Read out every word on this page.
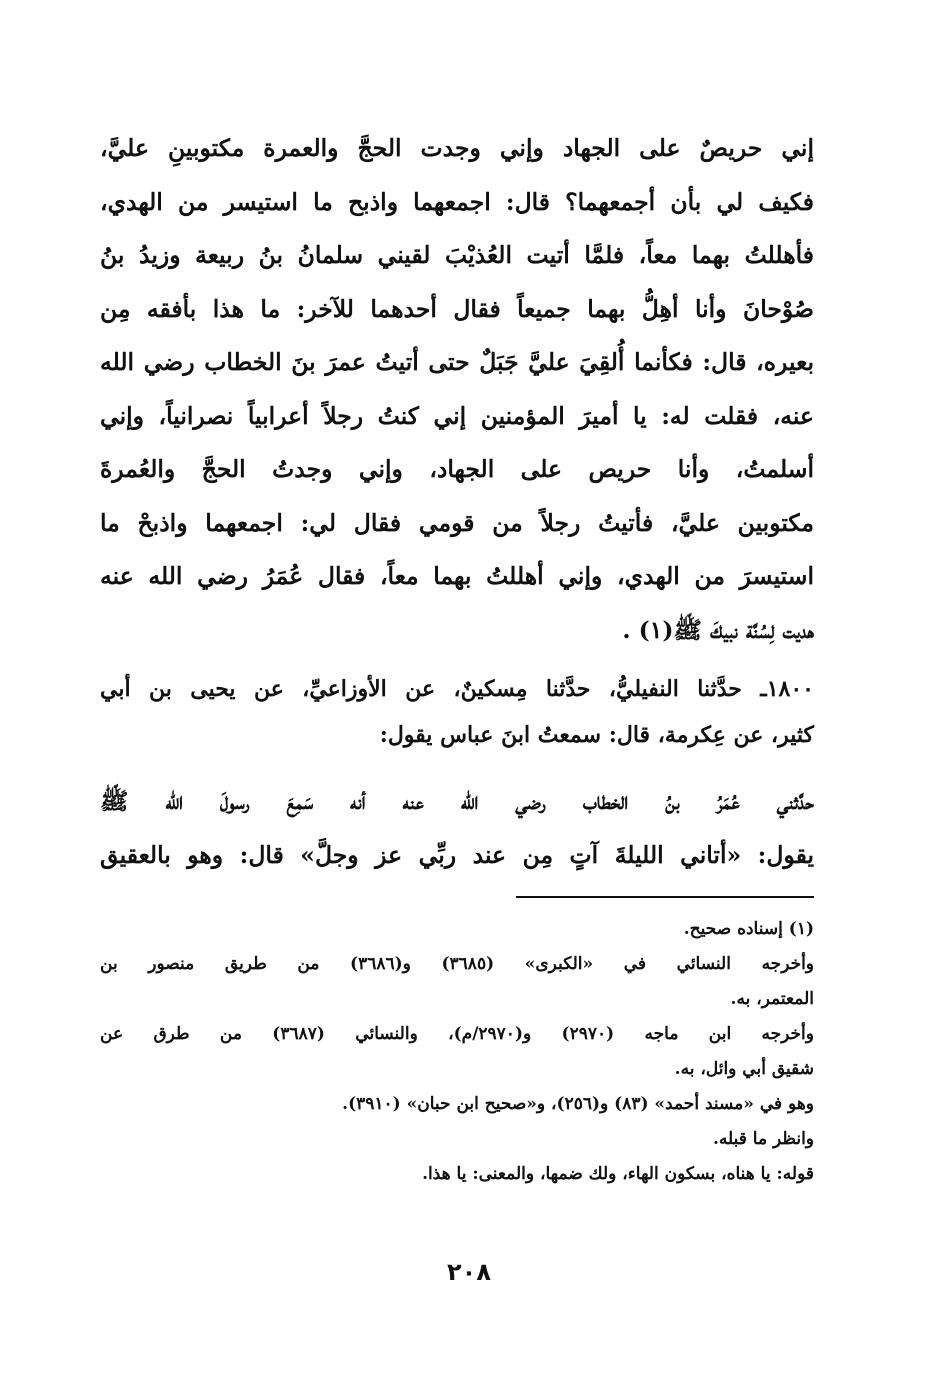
إني حريصٌ على الجهاد وإني وجدت الحجَّ والعمرة مكتوبينِ عليَّ،
فكيف لي بأن أجمعهما؟ قال: اجمعهما واذبح ما استيسر من الهدي،
فأهللتُ بهما معاً، فلمَّا أتيت العُذيْبَ لقيني سلمانُ بنُ ربيعة وزيدُ بنُ
صُوْحانَ وأنا أهِلُّ بهما جميعاً فقال أحدهما للآخر: ما هذا بأفقه مِن
بعيره، قال: فكأنما أُلقِيَ عليَّ جَبَلٌ حتى أتيتُ عمرَ بنَ الخطاب رضي الله
عنه، فقلت له: يا أميرَ المؤمنين إني كنتُ رجلاً أعرابياً نصرانياً، وإني
أسلمتُ، وأنا حريص على الجهاد، وإني وجدتُ الحجَّ والعُمرةَ
مكتوبين عليَّ، فأتيتُ رجلاً من قومي فقال لي: اجمعهما واذبحْ ما
استيسرَ من الهدي، وإني أهللتُ بهما معاً، فقال عُمَرُ رضي الله عنه
هديت لِسُنَّة نبيكَ ﷺ(١) .
١٨٠٠ـ حدَّثنا النفيليُّ، حدَّثنا مِسكينٌ، عن الأوزاعيِّ، عن يحيى بن أبي
كثير، عن عِكرمة، قال: سمعتُ ابنَ عباس يقول:
حدَّثني عُمَرُ بنُ الخطاب رضي الله عنه أنه سَمِعَ رسولَ الله ﷺ
يقول: «أتاني الليلةَ آتٍ مِن عند ربِّي عز وجلَّ» قال: وهو بالعقيق
(١) إسناده صحيح.
وأخرجه النسائي في «الكبرى» (٣٦٨٥) و(٣٦٨٦) من طريق منصور بن
المعتمر، به.
وأخرجه ابن ماجه (٢٩٧٠) و(٢٩٧٠/م)، والنسائي (٣٦٨٧) من طرق عن
شقيق أبي وائل، به.
وهو في «مسند أحمد» (٨٣) و(٢٥٦)، و«صحيح ابن حبان» (٣٩١٠).
وانظر ما قبله.
قوله: يا هناه، بسكون الهاء، ولك ضمها، والمعنى: يا هذا.
٢٠٨
